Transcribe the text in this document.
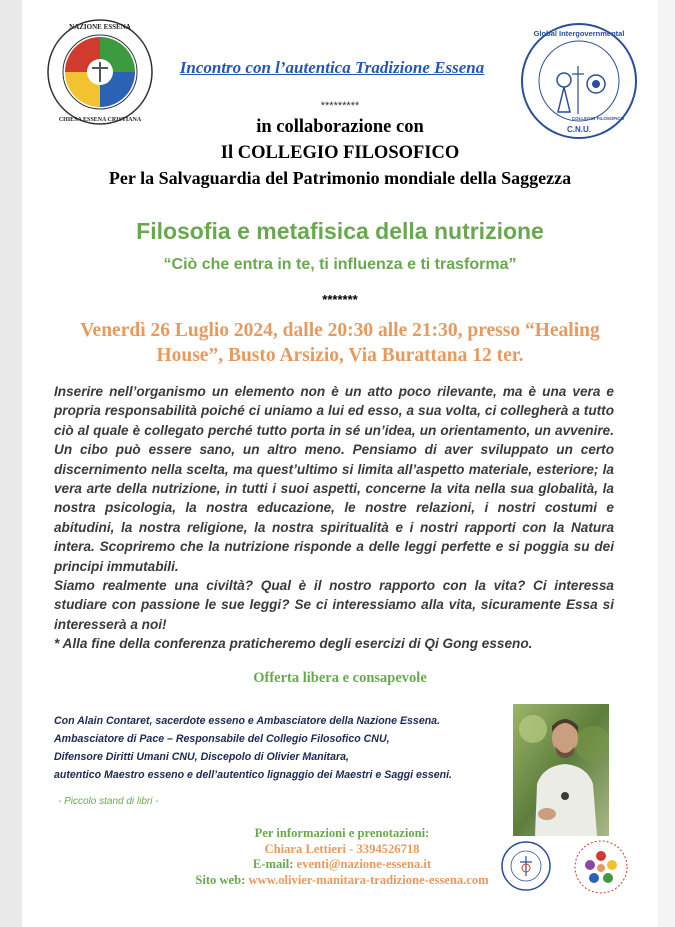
NAZIONE ESSENA
CHIESA ESSENA CRISTIANA
Global Intergovernmental
COLLEGIO FILOSOFICO
C.N.U.
Incontro con l’autentica Tradizione Essena
*********
in collaborazione con
Il COLLEGIO FILOSOFICO
Per la Salvaguardia del Patrimonio mondiale della Saggezza
Filosofia e metafisica della nutrizione
“Ciò che entra in te, ti influenza e ti trasforma”
*******
Venerdì 26 Luglio 2024, dalle 20:30 alle 21:30, presso “Healing
House”, Busto Arsizio, Via Burattana 12 ter.

Inserire nell’organismo un elemento non è un atto poco rilevante, ma è una vera e propria responsabilità poiché ci uniamo a lui ed esso, a sua volta, ci collegherà a tutto ciò al quale è collegato perché tutto porta in sé un’idea, un orientamento, un avvenire. Un cibo può essere sano, un altro meno. Pensiamo di aver sviluppato un certo discernimento nella scelta, ma quest’ultimo si limita all’aspetto materiale, esteriore; la vera arte della nutrizione, in tutti i suoi aspetti, concerne la vita nella sua globalità, la nostra psicologia, la nostra educazione, le nostre relazioni, i nostri costumi e abitudini, la nostra religione, la nostra spiritualità e i nostri rapporti con la Natura intera. Scopriremo che la nutrizione risponde a delle leggi perfette e si poggia su dei principi immutabili.

Siamo realmente una civiltà? Qual è il nostro rapporto con la vita? Ci interessa studiare con passione le sue leggi? Se ci interessiamo alla vita, sicuramente Essa si interesserà a noi!

* Alla fine della conferenza praticheremo degli esercizi di Qi Gong esseno.

Offerta libera e consapevole
Con Alain Contaret, sacerdote esseno e Ambasciatore della Nazione Essena.
Ambasciatore di Pace – Responsabile del Collegio Filosofico CNU,
Difensore Diritti Umani CNU, Discepolo di Olivier Manitara,
autentico Maestro esseno e dell’autentico lignaggio dei Maestri e Saggi esseni.
- Piccolo stand di libri -
Per informazioni e prenotazioni:
Chiara Lettieri - 3394526718
E-mail: eventi@nazione-essena.it
Sito web: www.olivier-manitara-tradizione-essena.com
